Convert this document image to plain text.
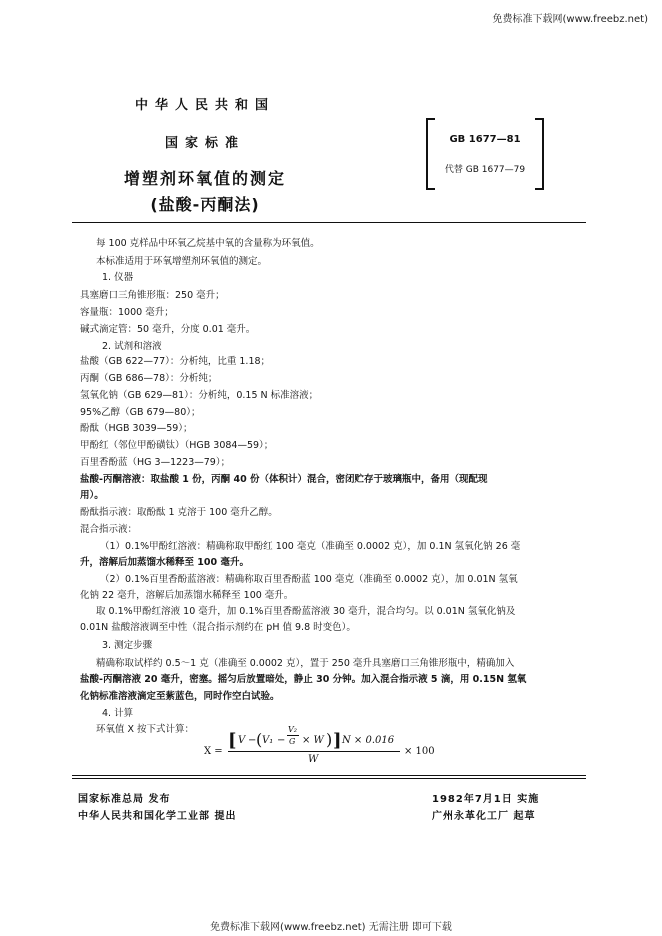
免费标准下载网(www.freebz.net)
中华人民共和国
国家标准
增塑剂环氧值的测定
(盐酸-丙酮法)
GB 1677—81
代替 GB 1677—79
每 100 克样品中环氧乙烷基中氧的含量称为环氧值。
本标准适用于环氧增塑剂环氧值的测定。
1. 仪器
具塞磨口三角锥形瓶：250 毫升；
容量瓶：1000 毫升；
碱式滴定管：50 毫升，分度 0.01 毫升。
2. 试剂和溶液
盐酸（GB 622—77）：分析纯，比重 1.18；
丙酮（GB 686—78）：分析纯；
氢氧化钠（GB 629—81）：分析纯，0.15 N 标准溶液；
95%乙醇（GB 679—80）；
酚酞（HGB 3039—59）；
甲酚红（邻位甲酚磺钛）（HGB 3084—59）；
百里香酚蓝（HG 3—1223—79）；
盐酸-丙酮溶液：取盐酸 1 份，丙酮 40 份（体积计）混合，密闭贮存于玻璃瓶中，备用（现配现
用）。
酚酞指示液：取酚酞 1 克溶于 100 毫升乙醇。
混合指示液：
（1）0.1%甲酚红溶液：精确称取甲酚红 100 毫克（准确至 0.0002 克），加 0.1N 氢氧化钠 26 毫
升，溶解后加蒸馏水稀释至 100 毫升。
（2）0.1%百里香酚蓝溶液：精确称取百里香酚蓝 100 毫克（准确至 0.0002 克），加 0.01N 氢氧
化钠 22 毫升，溶解后加蒸馏水稀释至 100 毫升。
取 0.1%甲酚红溶液 10 毫升，加 0.1%百里香酚蓝溶液 30 毫升，混合均匀。以 0.01N 氢氧化钠及
0.01N 盐酸溶液调至中性（混合指示剂约在 pH 值 9.8 时变色）。
3. 测定步骤
精确称取试样约 0.5～1 克（准确至 0.0002 克），置于 250 毫升具塞磨口三角锥形瓶中，精确加入
盐酸-丙酮溶液 20 毫升，密塞。摇匀后放置暗处，静止 30 分钟。加入混合指示液 5 滴，用 0.15N 氢氧
化钠标准溶液滴定至紫蓝色，同时作空白试验。
4. 计算
环氧值 X 按下式计算：
X =
[ V − ( V₁ −
V₂
G × W ) ] N × 0.016
W
× 100
国家标准总局 发布
中华人民共和国化学工业部 提出
1982年7月1日 实施
广州永革化工厂 起草
免费标准下载网(www.freebz.net) 无需注册 即可下载
